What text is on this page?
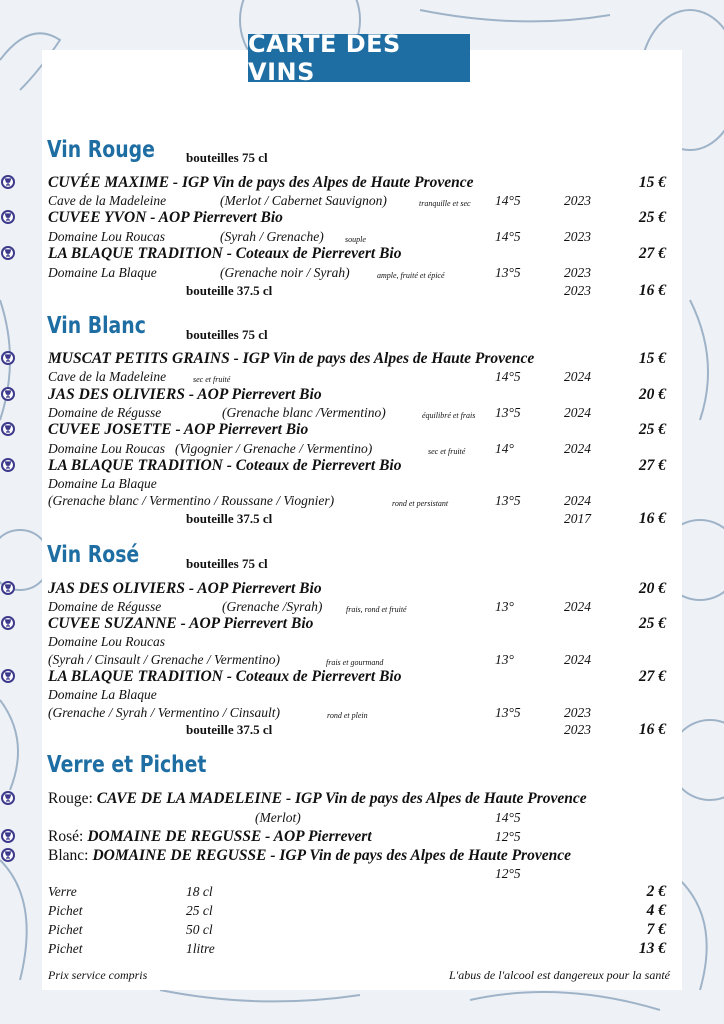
CARTE DES VINS
Vin Rouge bouteilles 75 cl
CUVÉE MAXIME - IGP Vin de pays des Alpes de Haute Provence	15 €
Cave de la Madeleine	(Merlot / Cabernet Sauvignon)	tranquille et sec 14°5	2023
CUVEE YVON - AOP Pierrevert Bio	25 €
Domaine Lou Roucas	(Syrah / Grenache)	souple	14°5	2023
LA BLAQUE TRADITION - Coteaux de Pierrevert Bio	27 €
Domaine La Blaque	(Grenache noir / Syrah)	ample, fruité et épicé	13°5	2023
bouteille 37.5 cl	2023	16 €
Vin Blanc	bouteilles 75 cl
MUSCAT PETITS GRAINS - IGP Vin de pays des Alpes de Haute Provence	15 €
Cave de la Madeleine	sec et fruité	14°5	2024
JAS DES OLIVIERS - AOP Pierrevert Bio	20 €
Domaine de Régusse	(Grenache blanc /Vermentino)	équilibré et frais 13°5	2024
CUVEE JOSETTE - AOP Pierrevert Bio	25 €
Domaine Lou Roucas (Vigognier / Grenache / Vermentino)	sec et fruité 14°	2024
LA BLAQUE TRADITION - Coteaux de Pierrevert Bio	27 €
Domaine La Blaque
(Grenache blanc / Vermentino / Roussane / Viognier)	rond et persistant	13°5	2024
bouteille 37.5 cl	2017	16 €
Vin Rosé	bouteilles 75 cl
JAS DES OLIVIERS - AOP Pierrevert Bio	20 €
Domaine de Régusse	(Grenache /Syrah)	frais, rond et fruité	13°	2024
CUVEE SUZANNE - AOP Pierrevert Bio	25 €
Domaine Lou Roucas
(Syrah / Cinsault / Grenache / Vermentino)	frais et gourmand	13°	2024
LA BLAQUE TRADITION - Coteaux de Pierrevert Bio	27 €
Domaine La Blaque
(Grenache / Syrah / Vermentino / Cinsault)	rond et plein	13°5	2023
bouteille 37.5 cl	2023	16 €
Verre et Pichet
Rouge: CAVE DE LA MADELEINE - IGP Vin de pays des Alpes de Haute Provence
(Merlot)	14°5
Rosé: DOMAINE DE REGUSSE - AOP Pierrevert	12°5
Blanc: DOMAINE DE REGUSSE - IGP Vin de pays des Alpes de Haute Provence
12°5
Verre	18 cl	2 €
Pichet	25 cl	4 €
Pichet	50 cl	7 €
Pichet	1litre	13 €
Prix service compris	L'abus de l'alcool est dangereux pour la santé
